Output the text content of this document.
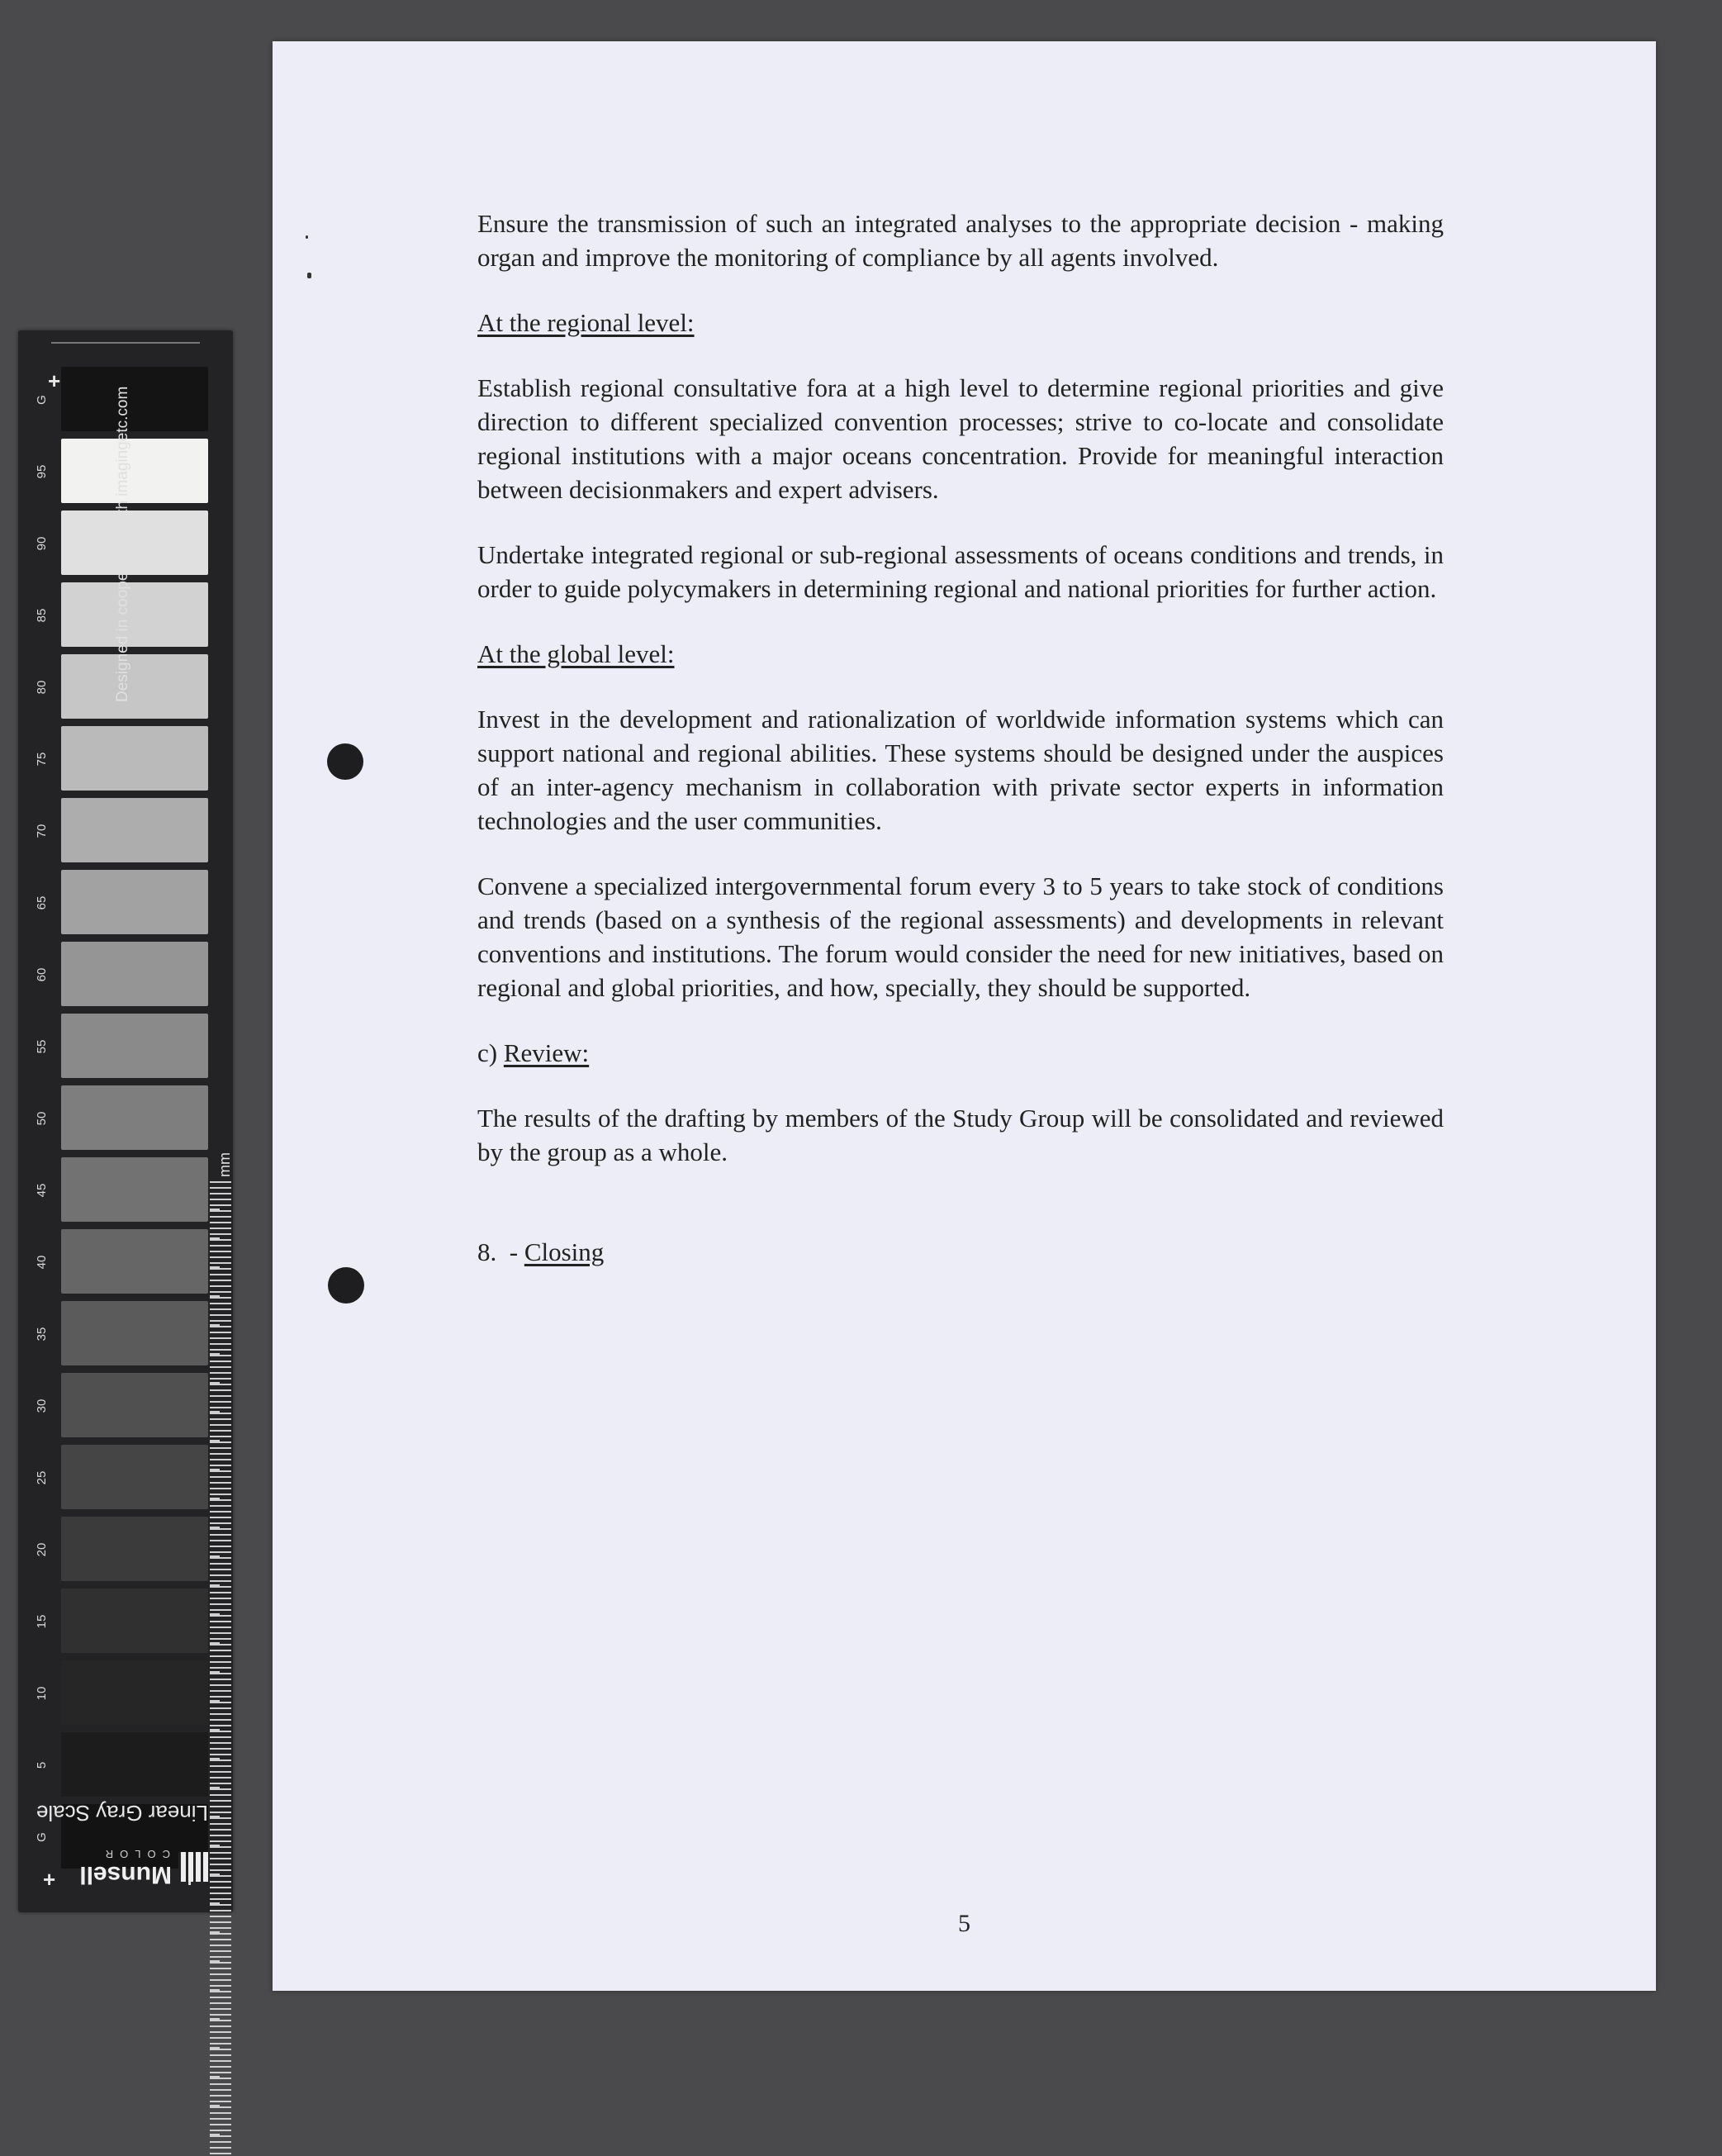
+
G
95
90
85
80
75
70
65
60
55
50
45
40
35
30
25
20
15
10
5
G
Designed in cooperation with imagingetc.com
mm
+
Linear Gray Scale
Munsell
COLOR

Ensure the transmission of such an integrated analyses to the appropriate decision - making organ and improve the monitoring of compliance by all agents involved.

At the regional level:

Establish regional consultative fora at a high level to determine regional priorities and give direction to different specialized convention processes; strive to co-locate and consolidate regional institutions with a major oceans concentration. Provide for meaningful interaction between decisionmakers and expert advisers.

Undertake integrated regional or sub-regional assessments of oceans conditions and trends, in order to guide polycymakers in determining regional and national priorities for further action.

At the global level:

Invest in the development and rationalization of worldwide information systems which can support national and regional abilities. These systems should be designed under the auspices of an inter-agency mechanism in collaboration with private sector experts in information technologies and the user communities.

Convene a specialized intergovernmental forum every 3 to 5 years to take stock of conditions and trends (based on a synthesis of the regional assessments) and developments in relevant conventions and institutions. The forum would consider the need for new initiatives, based on regional and global priorities, and how, specially, they should be supported.

c) Review:

The results of the drafting by members of the Study Group will be consolidated and reviewed by the group as a whole.

8.  - Closing

5
